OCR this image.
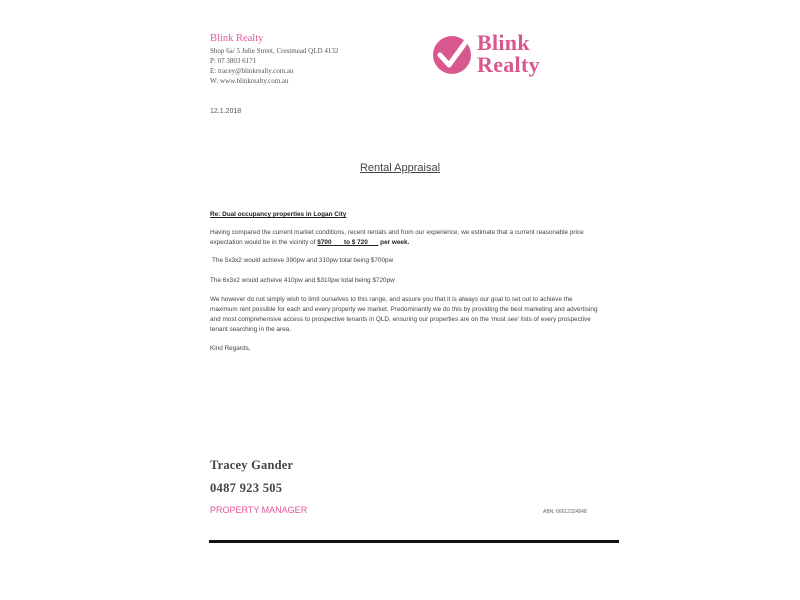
Blink Realty
Shop 6a/ 5 Julie Street, Crestmead QLD 4132
P: 07 3803 6171
E: tracey@blinkrealty.com.au
W: www.blinkrealty.com.au
Blink
Realty
12.1.2018
Rental Appraisal
Re: Dual occupancy properties in Logan City
Having compared the current market conditions, recent rentals and from our experience, we estimate that a current reasonable price expectation would be in the vicinity of $700       to $ 720       per week.
The 5x3x2 would achieve 390pw and 310pw total being $700pw
The 6x3x2 would acheive 410pw and $310pw total being $720pw
We however do not simply wish to limit ourselves to this range, and assure you that it is always our goal to set out to achieve the maximum rent possible for each and every property we market. Predominantly we do this by providing the best marketing and advertising and most comprehensive access to prospective tenants in QLD, ensuring our properties are on the 'must see' lists of every prospective tenant searching in the area.
Kind Regards,
Tracey Gander
0487 923 505
PROPERTY MANAGER	ABN: 66612324848
